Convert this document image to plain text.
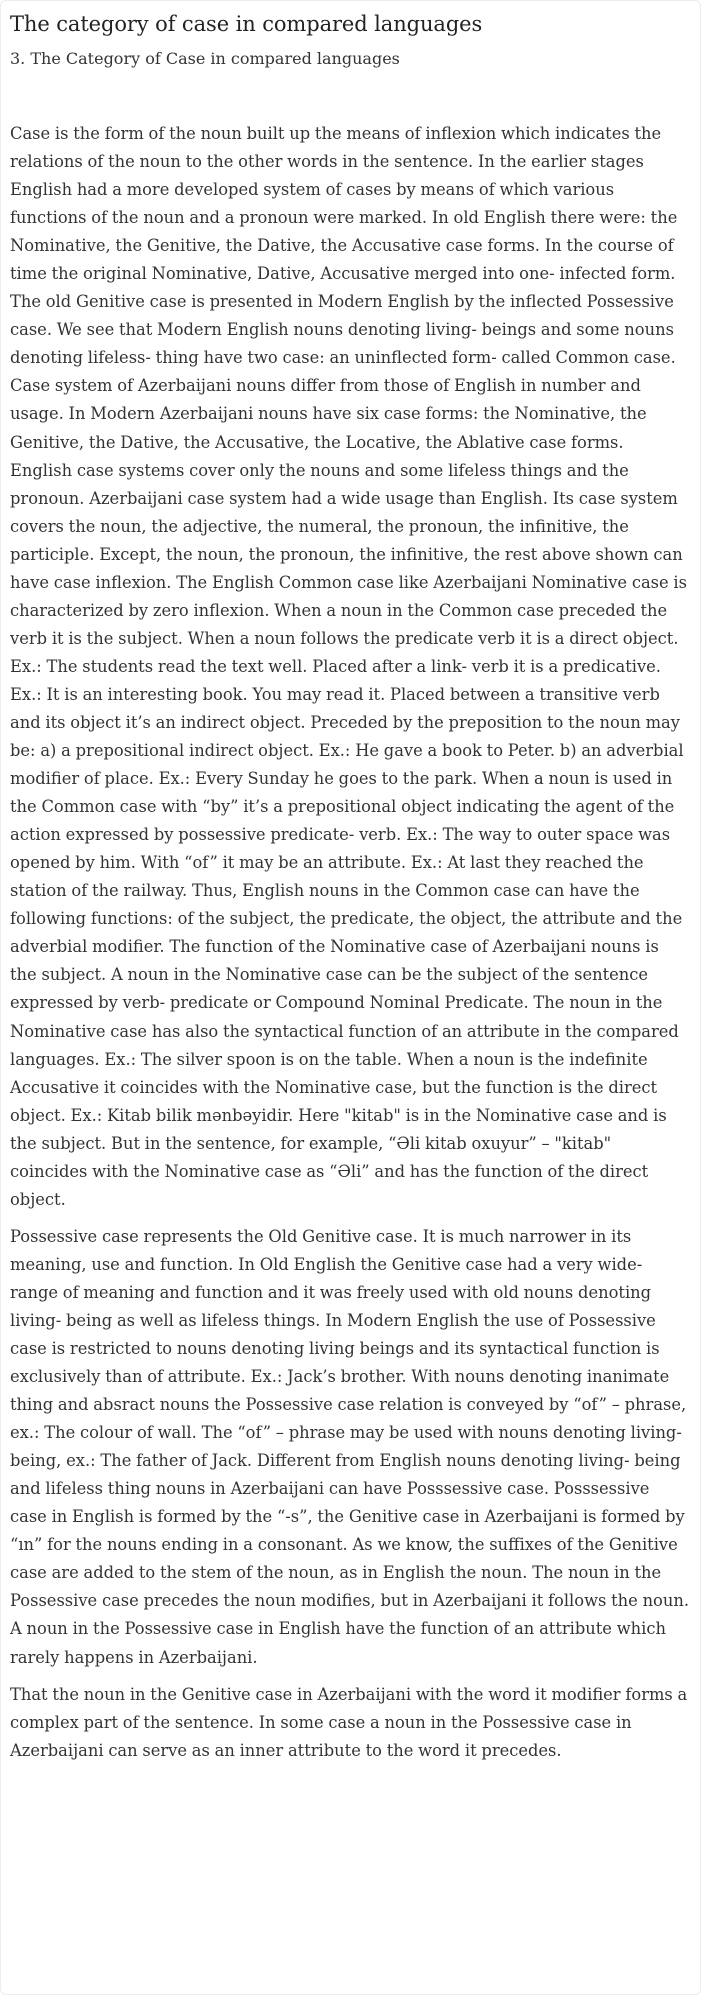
The category of case in compared languages
3. The Category of Case in compared languages

Case is the form of the noun built up the means of inflexion which indicates the relations of the noun to the other words in the sentence. In the earlier stages English had a more developed system of cases by means of which various functions of the noun and a pronoun were marked. In old English there were: the Nominative, the Genitive, the Dative, the Accusative case forms. In the course of time the original Nominative, Dative, Accusative merged into one- infected form. The old Genitive case is presented in Modern English by the inflected Possessive case. We see that Modern English nouns denoting living- beings and some nouns denoting lifeless- thing have two case: an uninflected form- called Common case. Case system of Azerbaijani nouns differ from those of English in number and usage. In Modern Azerbaijani nouns have six case forms: the Nominative, the Genitive, the Dative, the Accusative, the Locative, the Ablative case forms. English case systems cover only the nouns and some lifeless things and the pronoun. Azerbaijani case system had a wide usage than English. Its case system covers the noun, the adjective, the numeral, the pronoun, the infinitive, the participle. Except, the noun, the pronoun, the infinitive, the rest above shown can have case inflexion. The English Common case like Azerbaijani Nominative case is characterized by zero inflexion. When a noun in the Common case preceded the verb it is the subject. When a noun follows the predicate verb it is a direct object. Ex.: The students read the text well. Placed after a link- verb it is a predicative. Ex.: It is an interesting book. You may read it. Placed between a transitive verb and its object it’s an indirect object. Preceded by the preposition to the noun may be: a) a prepositional indirect object. Ex.: He gave a book to Peter. b) an adverbial modifier of place. Ex.: Every Sunday he goes to the park. When a noun is used in the Common case with “by” it’s a prepositional object indicating the agent of the action expressed by possessive predicate- verb. Ex.: The way to outer space was opened by him. With “of” it may be an attribute. Ex.: At last they reached the station of the railway. Thus, English nouns in the Common case can have the following functions: of the subject, the predicate, the object, the attribute and the adverbial modifier. The function of the Nominative case of Azerbaijani nouns is the subject. A noun in the Nominative case can be the subject of the sentence expressed by verb- predicate or Compound Nominal Predicate. The noun in the Nominative case has also the syntactical function of an attribute in the compared languages. Ex.: The silver spoon is on the table. When a noun is the indefinite Accusative it coincides with the Nominative case, but the function is the direct object. Ex.: Kitab bilik mənbəyidir. Here "kitab" is in the Nominative case and is the subject. But in the sentence, for example, “Əli kitab oxuyur” – "kitab" coincides with the Nominative case as “Əli” and has the function of the direct object.

Possessive case represents the Old Genitive case. It is much narrower in its meaning, use and function. In Old English the Genitive case had a very wide- range of meaning and function and it was freely used with old nouns denoting living- being as well as lifeless things. In Modern English the use of Possessive case is restricted to nouns denoting living beings and its syntactical function is exclusively than of attribute. Ex.: Jack’s brother. With nouns denoting inanimate thing and absract nouns the Possessive case relation is conveyed by “of” – phrase, ex.: The colour of wall. The “of” – phrase may be used with nouns denoting living- being, ex.: The father of Jack. Different from English nouns denoting living- being and lifeless thing nouns in Azerbaijani can have Posssessive case. Posssessive case in English is formed by the “-s”, the Genitive case in Azerbaijani is formed by “ın” for the nouns ending in a consonant. As we know, the suffixes of the Genitive case are added to the stem of the noun, as in English the noun. The noun in the Possessive case precedes the noun modifies, but in Azerbaijani it follows the noun. A noun in the Possessive case in English have the function of an attribute which rarely happens in Azerbaijani.

That the noun in the Genitive case in Azerbaijani with the word it modifier forms a complex part of the sentence. In some case a noun in the Possessive case in Azerbaijani can serve as an inner attribute to the word it precedes.
